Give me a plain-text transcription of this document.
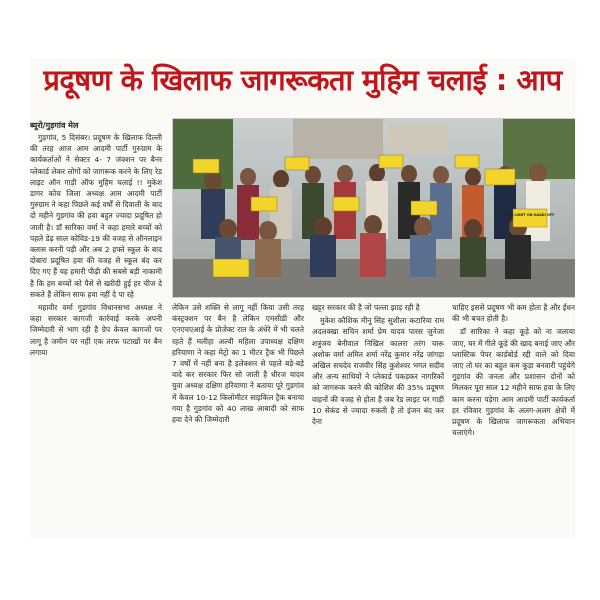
प्रदूषण के खिलाफ जागरूकता मुहिम चलाई : आप
ब्यूरो/गुड़गांव मेल

गुड़गांव, 5 दिसंबर। प्रदूषण के खिलाफ दिल्ली की तरह आज आम आदमी पार्टी गुरुग्राम के कार्यकर्ताओं ने सेक्टर 4- 7 जंक्शन पर बैनर प्लेकार्ड लेकर लोगों को जागरूक करने के लिए रेड लाइट ऑन गाड़ी ऑफ मुहिम चलाई !! मुकेश डागर कोच जिला अध्यक्ष आम आदमी पार्टी गुरुग्राम ने कहा पिछले कई वर्षों से दिवाली के बाद दो महीने गुड़गांव की हवा बहुत ज्यादा प्रदूषित हो जाती है। डॉ सारिका वर्मा ने कहा हमारे बच्चों को पहले डेढ़ साल कोविड-19 की वजह से ऑनलाइन क्लास करनी पड़ी और अब 2 हफ्ते स्कूल के बाद दोबारा प्रदूषित हवा की वजह से स्कूल बंद कर दिए गए हैं यह हमारी पीढ़ी की सबसे बड़ी नाकामी है कि हम बच्चों को पैसे से खरीदी हुई हर चीज दे सकते हैं लेकिन साफ हवा नहीं दे पा रहे

महावीर वर्मा गुड़गांव विधानसभा अध्यक्ष ने कहा सरकार कागजी कार्रवाई करके अपनी जिम्मेदारी से भाग रही है ग्रेप केवल कागजों पर लागू है जमीन पर नहीं एक तरफ पटाखों पर बैन लगाया

RED LIGHT ON GAADI OFF

लेकिन उसे शक्ति से लागू नहीं किया उसी तरह कंस्ट्रक्शन पर बैन है लेकिन एमसीडी और एनएचएआई के प्रोजेक्ट रात के अंधेरे में भी चलते रहते हैं मलीहा अल्वी महिला उपाध्यक्ष दक्षिण हरियाणा ने कहा मेट्रो का 1 मीटर ट्रैक भी पिछले 7 वर्षों में नहीं बना है इलेक्शन से पहले बड़े-बड़े वादे कर सरकार फिर सो जाती है धीरज यादव युवा अध्यक्ष दक्षिण हरियाणा ने बताया पूरे गुड़गांव में केवल 10-12 किलोमीटर साइकिल ट्रैक बनाया गया है गुड़गांव को 40 लाख आबादी को साफ हवा देने की जिम्मेदारी

खट्टर सरकार की है जो पल्ला झाड़ रही है

मुकेश कौशिक मीनू सिंह सुशीला कटारिया राम अदलक्खा सचिन शर्मा प्रेम यादव पारस जुनेजा शत्रुंजय बेनीवाल निखिल कालरा तरंग चारू अशोक वर्मा अमित शर्मा नरेंद्र कुमार नरेंद्र जांगड़ा अखिल सचदेव राजवीर सिंह कुशेश्वर भगत सदीव और अन्य साथियों ने प्लेकार्ड पकड़कर नागरिकों को जागरूक करने की कोशिश की 35% प्रदूषण वाहनों की वजह से होता है जब रेड लाइट पर गाड़ी 10 सेकंड से ज्यादा रुकती है तो इंजन बंद कर देना

चाहिए इससे प्रदूषण भी कम होता है और ईंधन की भी बचत होती है।

डॉ सारिका ने कहा कूड़े को ना जलाया जाए, घर में गीले कूड़े की खाद बनाई जाए और प्लास्टिक पेपर कार्डबोर्ड रद्दी वाले को दिया जाए तो घर का बहुत कम कूड़ा बनवारी पहुंचेगे गुड़गांव की जनता और प्रशासन दोनों को मिलकर पूरा साल 12 महीने साफ हवा के लिए काम करना पड़ेगा आम आदमी पार्टी कार्यकर्ता हर रविवार गुड़गांव के अलग-अलग क्षेत्रों में प्रदूषण के खिलाफ जागरूकता अभियान चलाएंगे।
